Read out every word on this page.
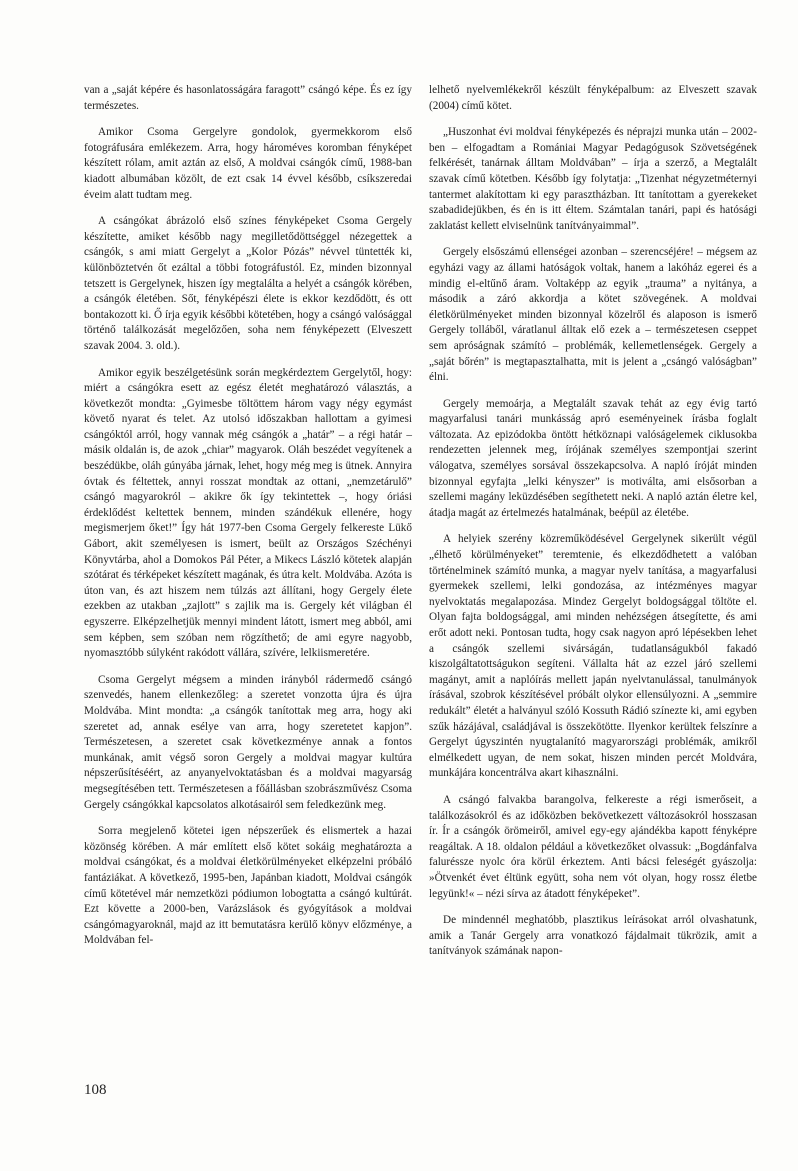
van a „saját képére és hasonlatosságára faragott” csángó képe. És ez így természetes.

Amikor Csoma Gergelyre gondolok, gyermekkorom első fotográfusára emlékezem. Arra, hogy hároméves koromban fényképet készített rólam, amit aztán az első, A moldvai csángók című, 1988-ban kiadott albumában közölt, de ezt csak 14 évvel később, csíkszeredai éveim alatt tudtam meg.

A csángókat ábrázoló első színes fényképeket Csoma Gergely készítette, amiket később nagy megilletődöttséggel nézegettek a csángók, s ami miatt Gergelyt a „Kolor Pózás” névvel tüntették ki, különböztetvén őt ezáltal a többi fotográfustól. Ez, minden bizonnyal tetszett is Gergelynek, hiszen így megtalálta a helyét a csángók körében, a csángók életében. Sőt, fényképészi élete is ekkor kezdődött, és ott bontakozott ki. Ő írja egyik későbbi kötetében, hogy a csángó valósággal történő találkozását megelőzően, soha nem fényképezett (Elveszett szavak 2004. 3. old.).

Amikor egyik beszélgetésünk során megkérdeztem Gergelytől, hogy: miért a csángókra esett az egész életét meghatározó választás, a következőt mondta: „Gyimesbe töltöttem három vagy négy egymást követő nyarat és telet. Az utolsó időszakban hallottam a gyimesi csángóktól arról, hogy vannak még csángók a „határ” – a régi határ – másik oldalán is, de azok „chiar” magyarok. Oláh beszédet vegyítenek a beszédükbe, oláh gúnyába járnak, lehet, hogy még meg is ütnek. Annyira óvtak és féltettek, annyi rosszat mondtak az ottani, „nemzetárulő” csángó magyarokról – akikre ők így tekintettek –, hogy óriási érdeklődést keltettek bennem, minden szándékuk ellenére, hogy megismerjem őket!” Így hát 1977-ben Csoma Gergely felkereste Lükő Gábort, akit személyesen is ismert, beült az Országos Széchényi Könyvtárba, ahol a Domokos Pál Péter, a Mikecs László kötetek alapján szótárat és térképeket készített magának, és útra kelt. Moldvába. Azóta is úton van, és azt hiszem nem túlzás azt állítani, hogy Gergely élete ezekben az utakban „zajlott” s zajlik ma is. Gergely két világban él egyszerre. Elképzelhetjük mennyi mindent látott, ismert meg abból, ami sem képben, sem szóban nem rögzíthető; de ami egyre nagyobb, nyomasztóbb súlyként rakódott vállára, szívére, lelkiismeretére.

Csoma Gergelyt mégsem a minden irányból rádermedő csángó szenvedés, hanem ellenkezőleg: a szeretet vonzotta újra és újra Moldvába. Mint mondta: „a csángók tanítottak meg arra, hogy aki szeretet ad, annak esélye van arra, hogy szeretetet kapjon”. Természetesen, a szeretet csak következménye annak a fontos munkának, amit végső soron Gergely a moldvai magyar kultúra népszerűsítéséért, az anyanyelvoktatásban és a moldvai magyarság megsegítésében tett. Természetesen a főállásban szobrászművész Csoma Gergely csángókkal kapcsolatos alkotásairól sem feledkezünk meg.

Sorra megjelenő kötetei igen népszerűek és elismertek a hazai közönség körében. A már említett első kötet sokáig meghatározta a moldvai csángókat, és a moldvai életkörülményeket elképzelni próbáló fantáziákat. A következő, 1995-ben, Japánban kiadott, Moldvai csángók című kötetével már nemzetközi pódiumon lobogtatta a csángó kultúrát. Ezt követte a 2000-ben, Varázslások és gyógyítások a moldvai csángómagyaroknál, majd az itt bemutatásra kerülő könyv előzménye, a Moldvában fel-

lelhető nyelvemlékekről készült fényképalbum: az Elveszett szavak (2004) című kötet.

„Huszonhat évi moldvai fényképezés és néprajzi munka után – 2002-ben – elfogadtam a Romániai Magyar Pedagógusok Szövetségének felkérését, tanárnak álltam Moldvában” – írja a szerző, a Megtalált szavak című kötetben. Később így folytatja: „Tizenhat négyzetméternyi tantermet alakítottam ki egy parasztházban. Itt tanítottam a gyerekeket szabadidejükben, és én is itt éltem. Számtalan tanári, papi és hatósági zaklatást kellett elviselnünk tanítványaimmal”.

Gergely elsőszámú ellenségei azonban – szerencséjére! – mégsem az egyházi vagy az állami hatóságok voltak, hanem a lakóház egerei és a mindig el-eltűnő áram. Voltaképp az egyik „trauma” a nyitánya, a második a záró akkordja a kötet szövegének. A moldvai életkörülményeket minden bizonnyal közelről és alaposon is ismerő Gergely tolláből, váratlanul álltak elő ezek a – természetesen cseppet sem apróságnak számító – problémák, kellemetlenségek. Gergely a „saját bőrén” is megtapasztalhatta, mit is jelent a „csángó valóságban” élni.

Gergely memoárja, a Megtalált szavak tehát az egy évig tartó magyarfalusi tanári munkásság apró eseményeinek írásba foglalt változata. Az epizódokba öntött hétköznapi valóságelemek ciklusokba rendezetten jelennek meg, írójának személyes szempontjai szerint válogatva, személyes sorsával összekapcsolva. A napló íróját minden bizonnyal egyfajta „lelki kényszer” is motiválta, ami elsősorban a szellemi magány leküzdésében segíthetett neki. A napló aztán életre kel, átadja magát az értelmezés hatalmának, beépül az életébe.

A helyiek szerény közreműködésével Gergelynek sikerült végül „élhető körülményeket” teremtenie, és elkezdődhetett a valóban történelminek számító munka, a magyar nyelv tanítása, a magyarfalusi gyermekek szellemi, lelki gondozása, az intézményes magyar nyelvoktatás megalapozása. Mindez Gergelyt boldogsággal töltöte el. Olyan fajta boldogsággal, ami minden nehézségen átsegítette, és ami erőt adott neki. Pontosan tudta, hogy csak nagyon apró lépésekben lehet a csángók szellemi sivárságán, tudatlanságukból fakadó kiszolgáltatottságukon segíteni. Vállalta hát az ezzel járó szellemi magányt, amit a naplóírás mellett japán nyelvtanulással, tanulmányok írásával, szobrok készítésével próbált olykor ellensúlyozni. A „semmire redukált” életét a halványul szóló Kossuth Rádió színezte ki, ami egyben szűk házájával, családjával is összekötötte. Ilyenkor kerültek felszínre a Gergelyt úgyszintén nyugtalanító magyarországi problémák, amikről elmélkedett ugyan, de nem sokat, hiszen minden percét Moldvára, munkájára koncentrálva akart kihasználni.

A csángó falvakba barangolva, felkereste a régi ismerőseit, a találkozásokról és az időközben bekövetkezett változásokról hosszasan ír. Ír a csángók örömeiről, amivel egy-egy ajándékba kapott fényképre reagáltak. A 18. oldalon például a következőket olvassuk: „Bogdánfalva faluréssze nyolc óra körül érkeztem. Anti bácsi feleségét gyászolja: »Ötvenkét évet éltünk együtt, soha nem vót olyan, hogy rossz életbe legyünk!« – nézi sírva az átadott fényképeket”.

De mindennél meghatóbb, plasztikus leírásokat arról olvashatunk, amik a Tanár Gergely arra vonatkozó fájdalmait tükrözik, amit a tanítványok számának napon-

108
